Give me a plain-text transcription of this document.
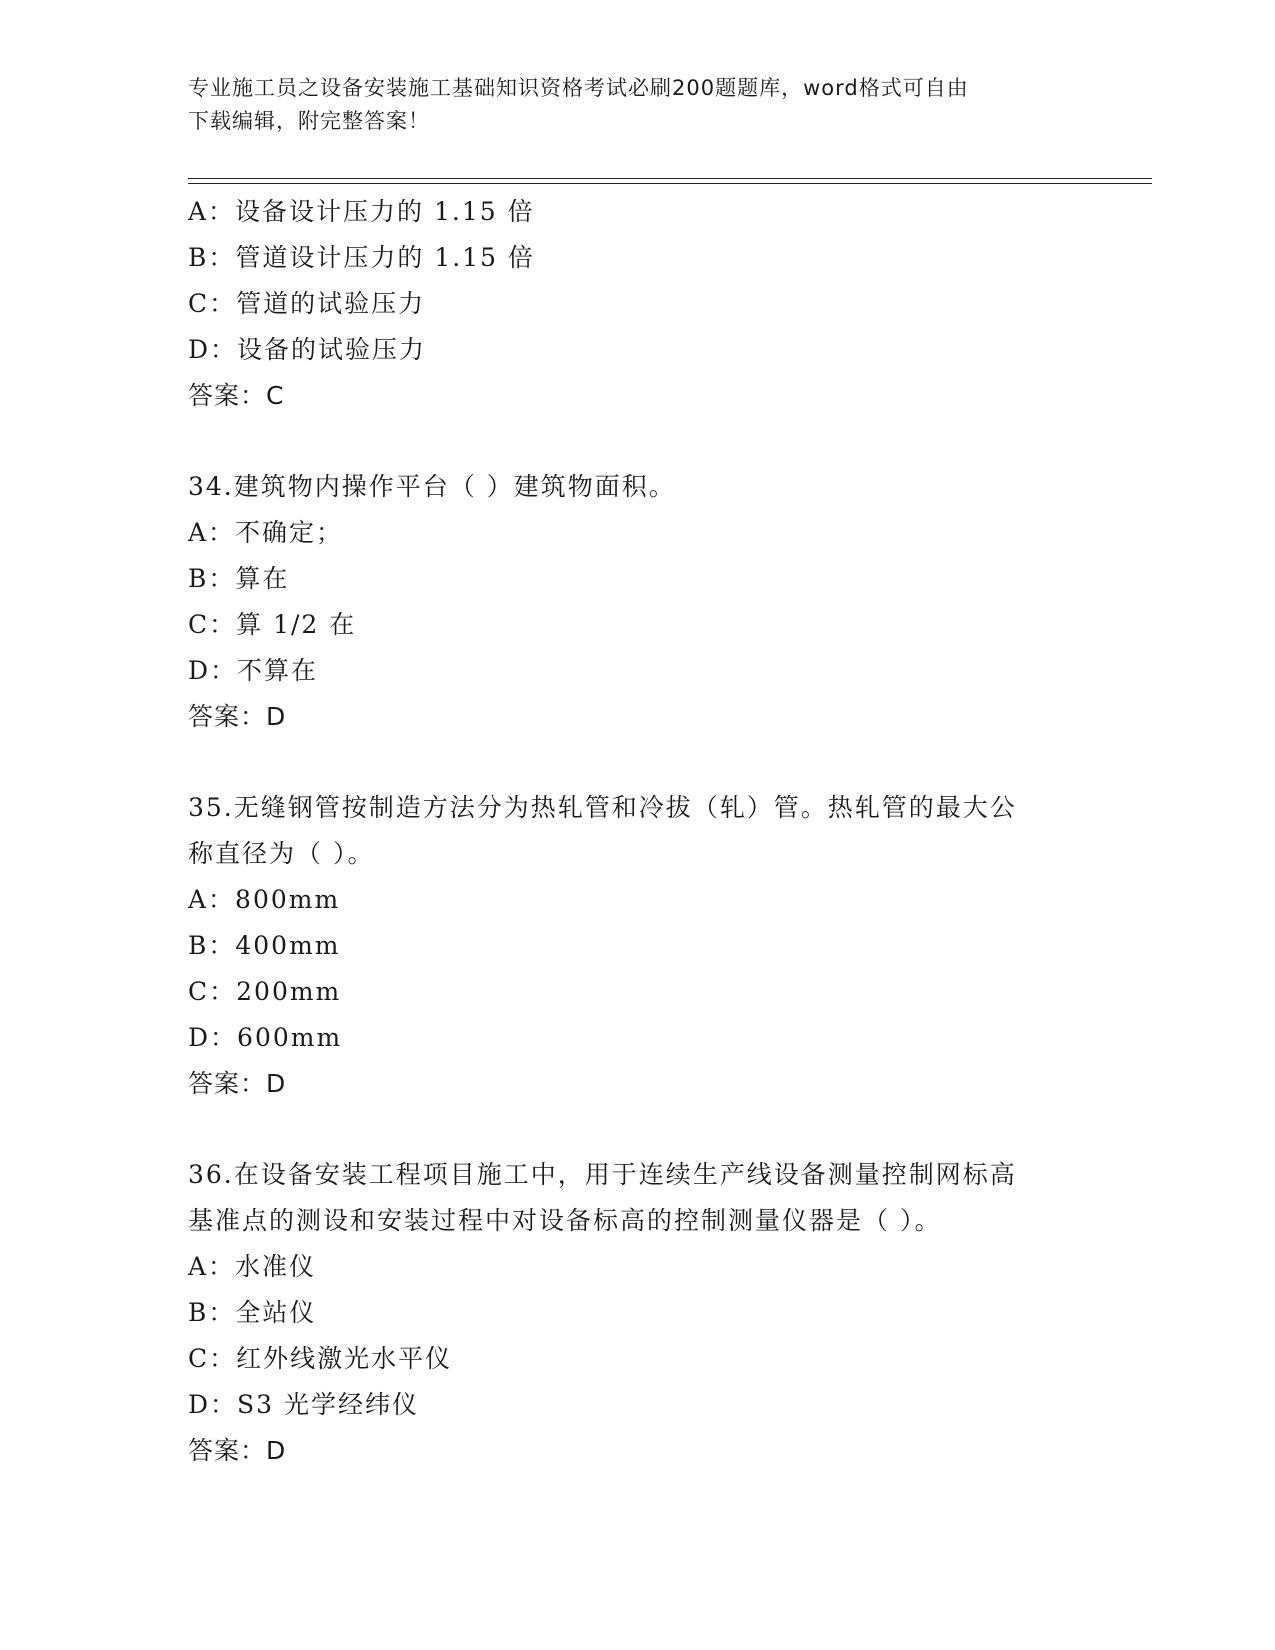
专业施工员之设备安装施工基础知识资格考试必刷200题题库，word格式可自由
下载编辑，附完整答案！
A：设备设计压力的 1.15 倍
B：管道设计压力的 1.15 倍
C：管道的试验压力
D：设备的试验压力
答案：C
34.建筑物内操作平台（ ）建筑物面积。
A：不确定；
B：算在
C：算 1/2 在
D：不算在
答案：D
35.无缝钢管按制造方法分为热轧管和冷拔（轧）管。热轧管的最大公
称直径为（ ）。
A：800mm
B：400mm
C：200mm
D：600mm
答案：D
36.在设备安装工程项目施工中，用于连续生产线设备测量控制网标高
基准点的测设和安装过程中对设备标高的控制测量仪器是（ ）。
A：水准仪
B：全站仪
C：红外线激光水平仪
D：S3 光学经纬仪
答案：D
